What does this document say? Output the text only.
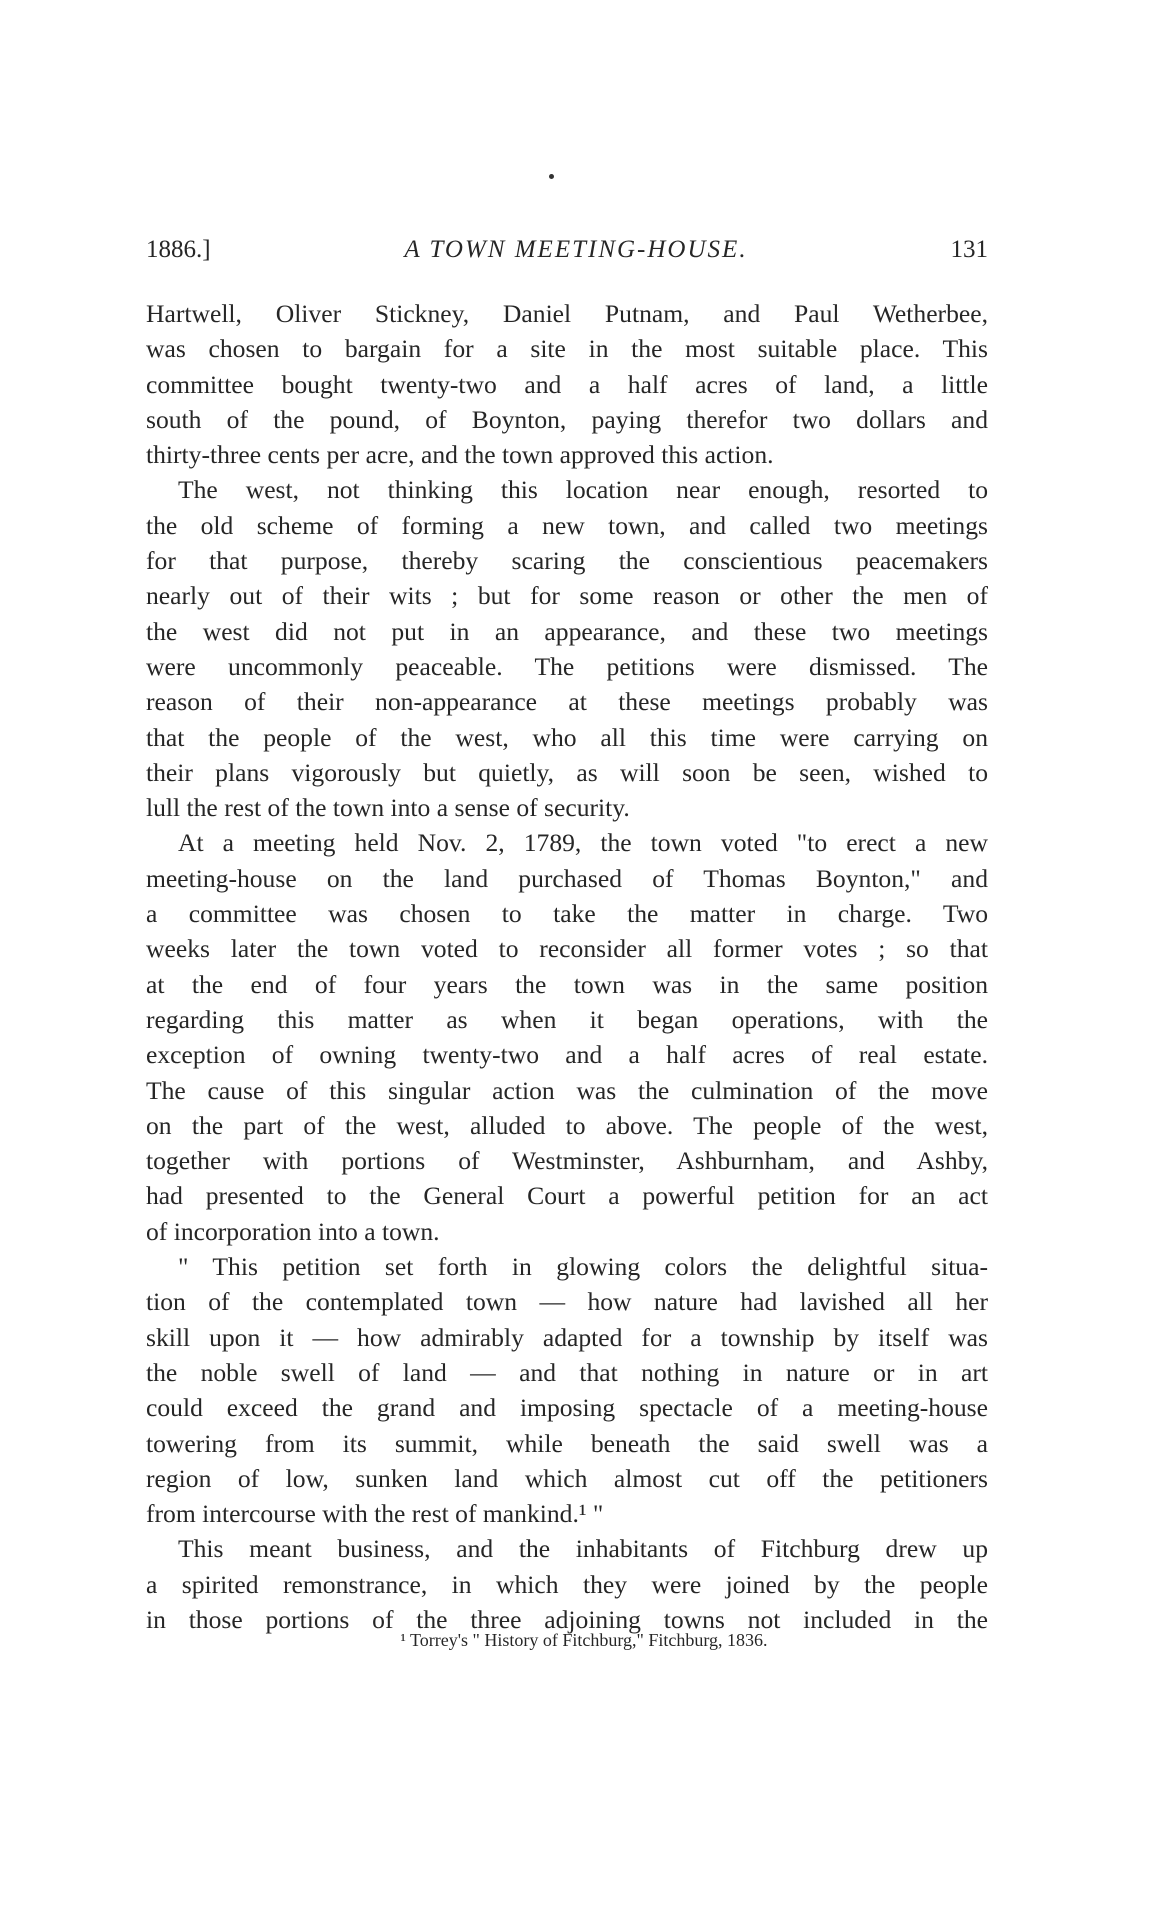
1886.]	A TOWN MEETING-HOUSE.	131
Hartwell, Oliver Stickney, Daniel Putnam, and Paul Wetherbee,
was chosen to bargain for a site in the most suitable place. This
committee bought twenty-two and a half acres of land, a little
south of the pound, of Boynton, paying therefor two dollars and
thirty-three cents per acre, and the town approved this action.
The west, not thinking this location near enough, resorted to
the old scheme of forming a new town, and called two meetings
for that purpose, thereby scaring the conscientious peacemakers
nearly out of their wits ; but for some reason or other the men of
the west did not put in an appearance, and these two meetings
were uncommonly peaceable. The petitions were dismissed. The
reason of their non-appearance at these meetings probably was
that the people of the west, who all this time were carrying on
their plans vigorously but quietly, as will soon be seen, wished to
lull the rest of the town into a sense of security.
At a meeting held Nov. 2, 1789, the town voted "to erect a new
meeting-house on the land purchased of Thomas Boynton," and
a committee was chosen to take the matter in charge. Two
weeks later the town voted to reconsider all former votes ; so that
at the end of four years the town was in the same position
regarding this matter as when it began operations, with the
exception of owning twenty-two and a half acres of real estate.
The cause of this singular action was the culmination of the move
on the part of the west, alluded to above. The people of the west,
together with portions of Westminster, Ashburnham, and Ashby,
had presented to the General Court a powerful petition for an act
of incorporation into a town.
" This petition set forth in glowing colors the delightful situa-
tion of the contemplated town — how nature had lavished all her
skill upon it — how admirably adapted for a township by itself was
the noble swell of land — and that nothing in nature or in art
could exceed the grand and imposing spectacle of a meeting-house
towering from its summit, while beneath the said swell was a
region of low, sunken land which almost cut off the petitioners
from intercourse with the rest of mankind.¹ "
This meant business, and the inhabitants of Fitchburg drew up
a spirited remonstrance, in which they were joined by the people
in those portions of the three adjoining towns not included in the
¹ Torrey's " History of Fitchburg," Fitchburg, 1836.
